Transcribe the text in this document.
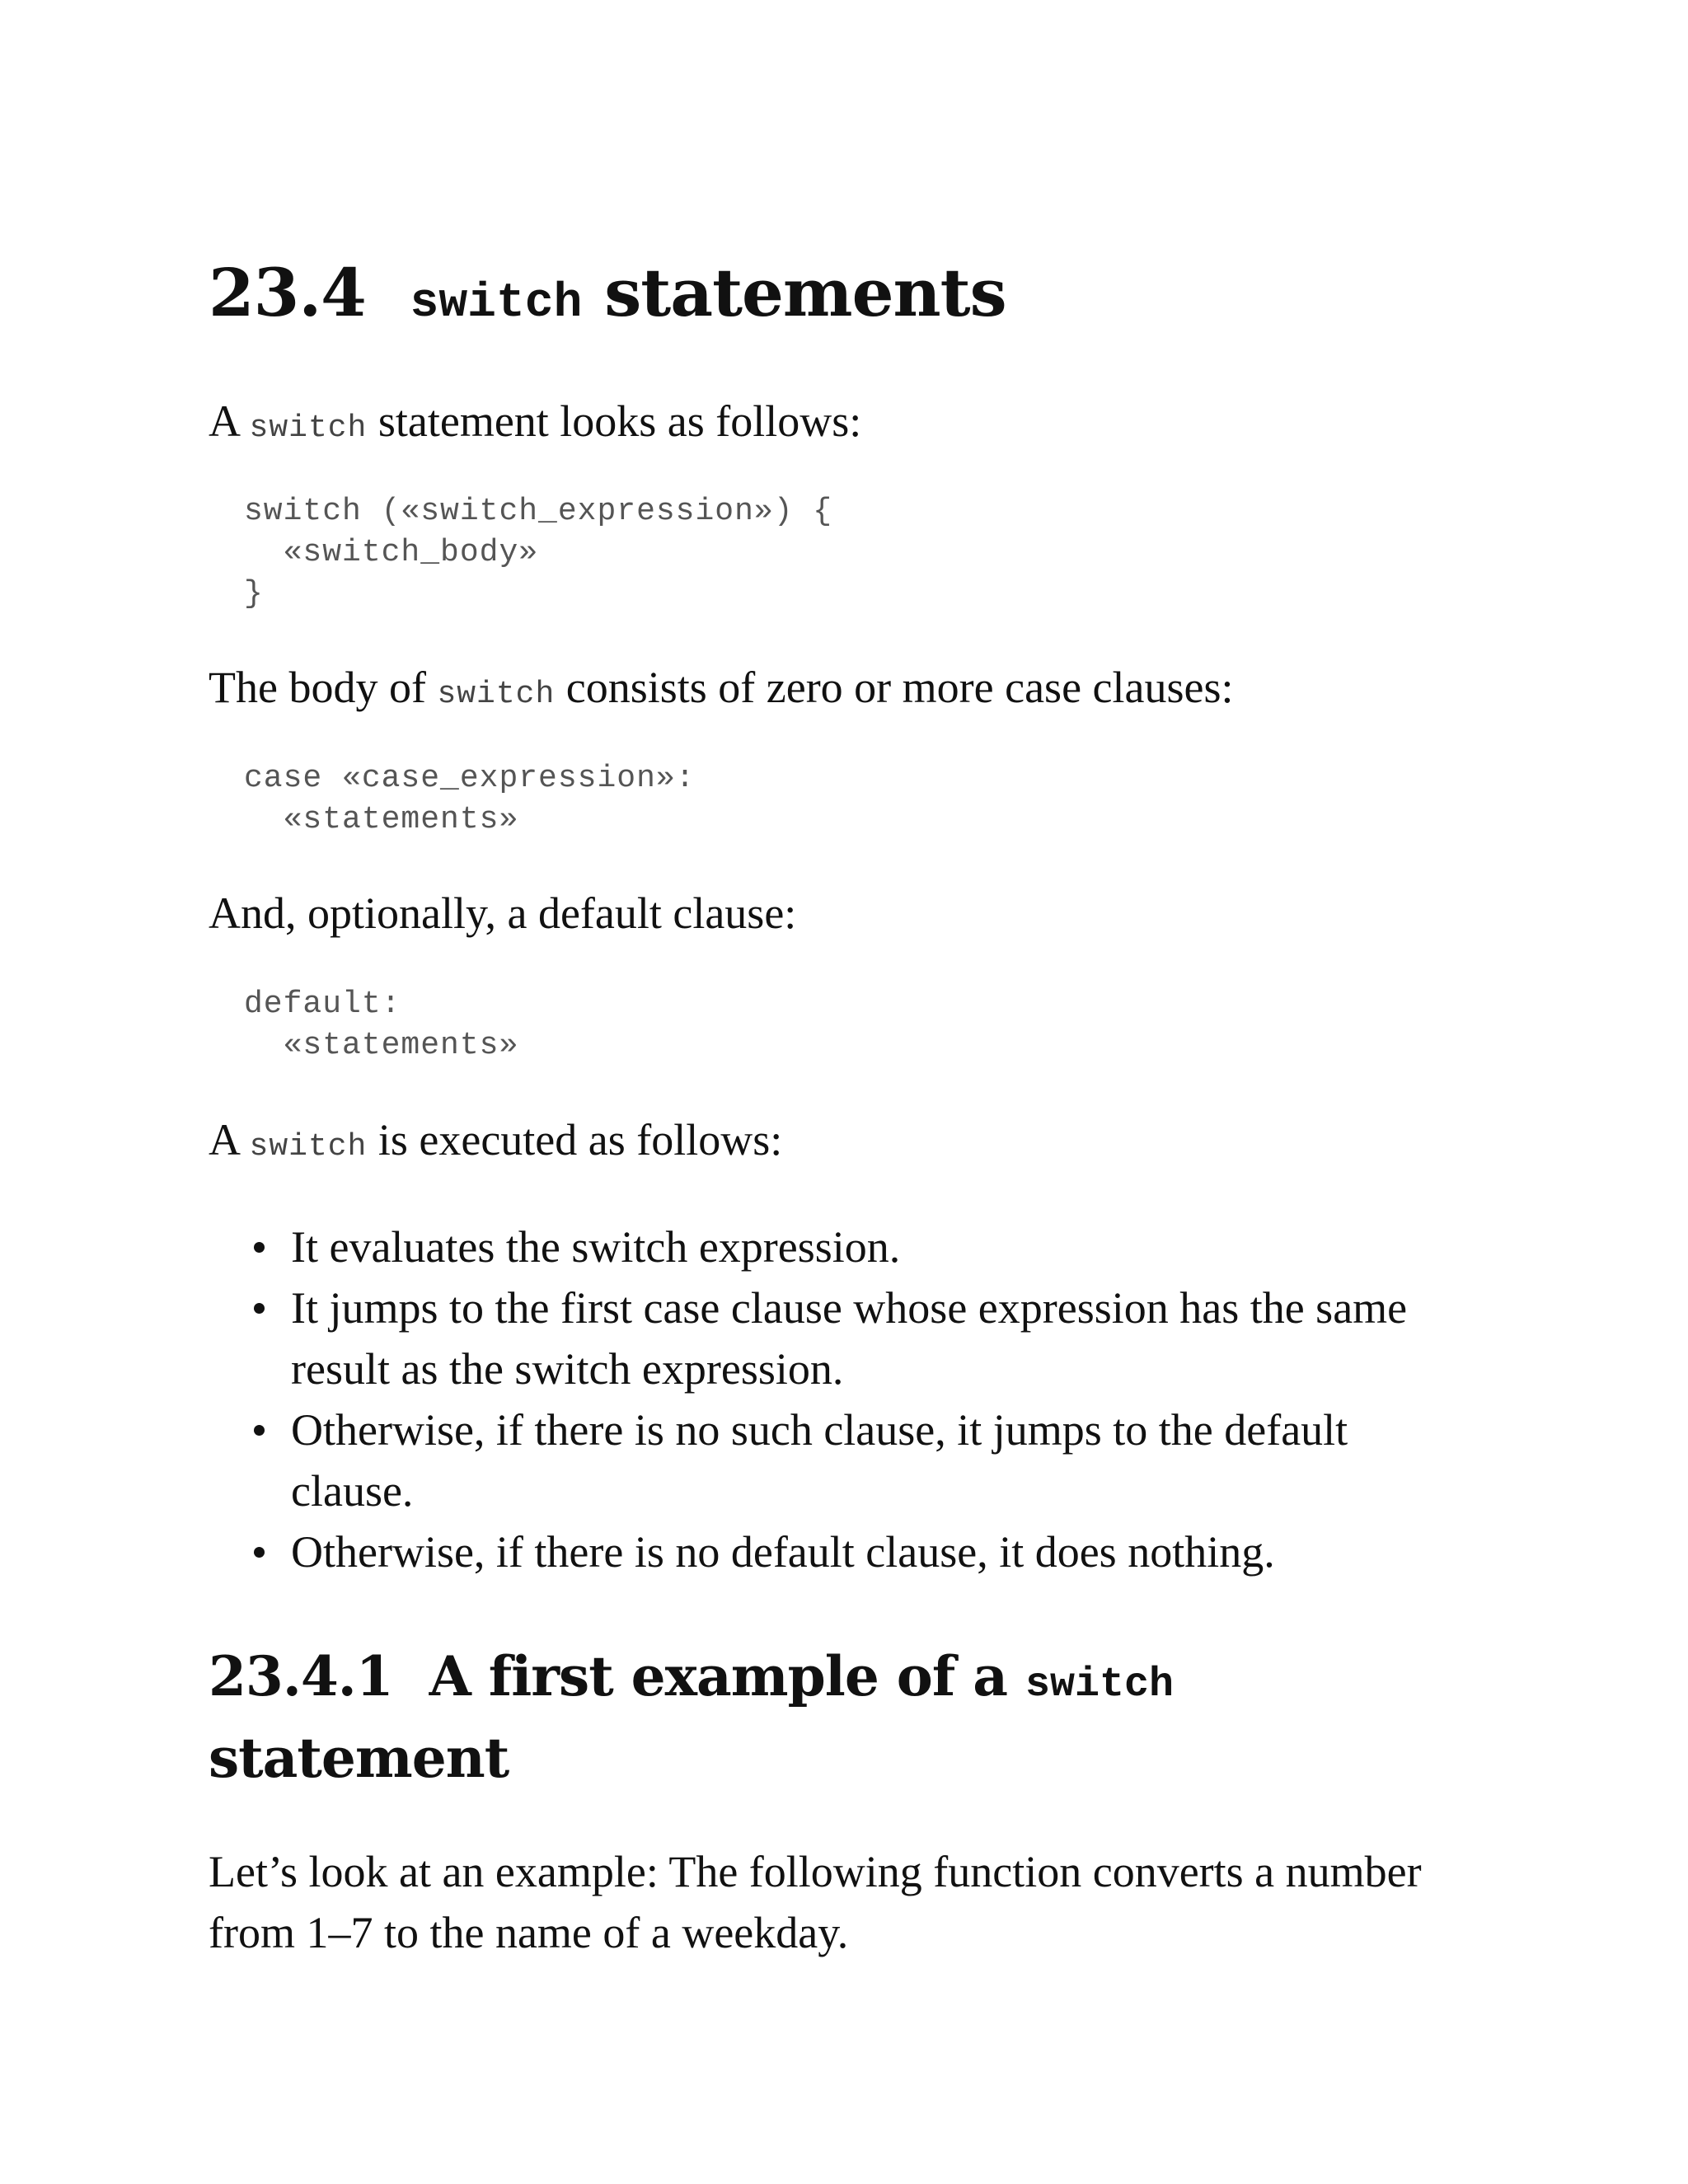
23.4 switch statements

A switch statement looks as follows:

switch («switch_expression») {
«switch_body»
}

The body of switch consists of zero or more case clauses:

case «case_expression»:
«statements»

And, optionally, a default clause:

default:
«statements»

A switch is executed as follows:

It evaluates the switch expression.
It jumps to the first case clause whose expression has the same result as the switch expression.
Otherwise, if there is no such clause, it jumps to the default clause.
Otherwise, if there is no default clause, it does nothing.
23.4.1 A first example of a switch
statement

Let’s look at an example: The following function converts a number from 1–7 to the name of a weekday.
